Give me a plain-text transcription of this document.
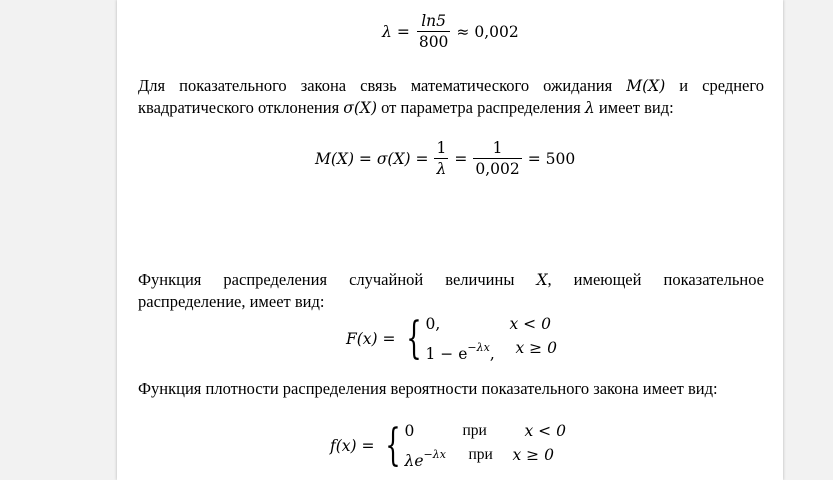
$\lambda = \frac{\ln 5}{800} \approx 0,002$
Для показательного закона связь математического ожидания M(X) и среднего квадратического отклонения σ(X) от параметра распределения λ имеет вид:
$M(X) = \sigma(X) = \frac{1}{\lambda} = \frac{1}{0,002} = 500$
Функция распределения случайной величины X, имеющей показательное распределение, имеет вид:
F(x) = { 0,	x < 0
$1 - e^{-\lambda x}$,	x ≥ 0
Функция плотности распределения вероятности показательного закона имеет вид:
f(x) = { 0	при	x < 0
$\lambda e^{-\lambda x}$	при	x ≥ 0
